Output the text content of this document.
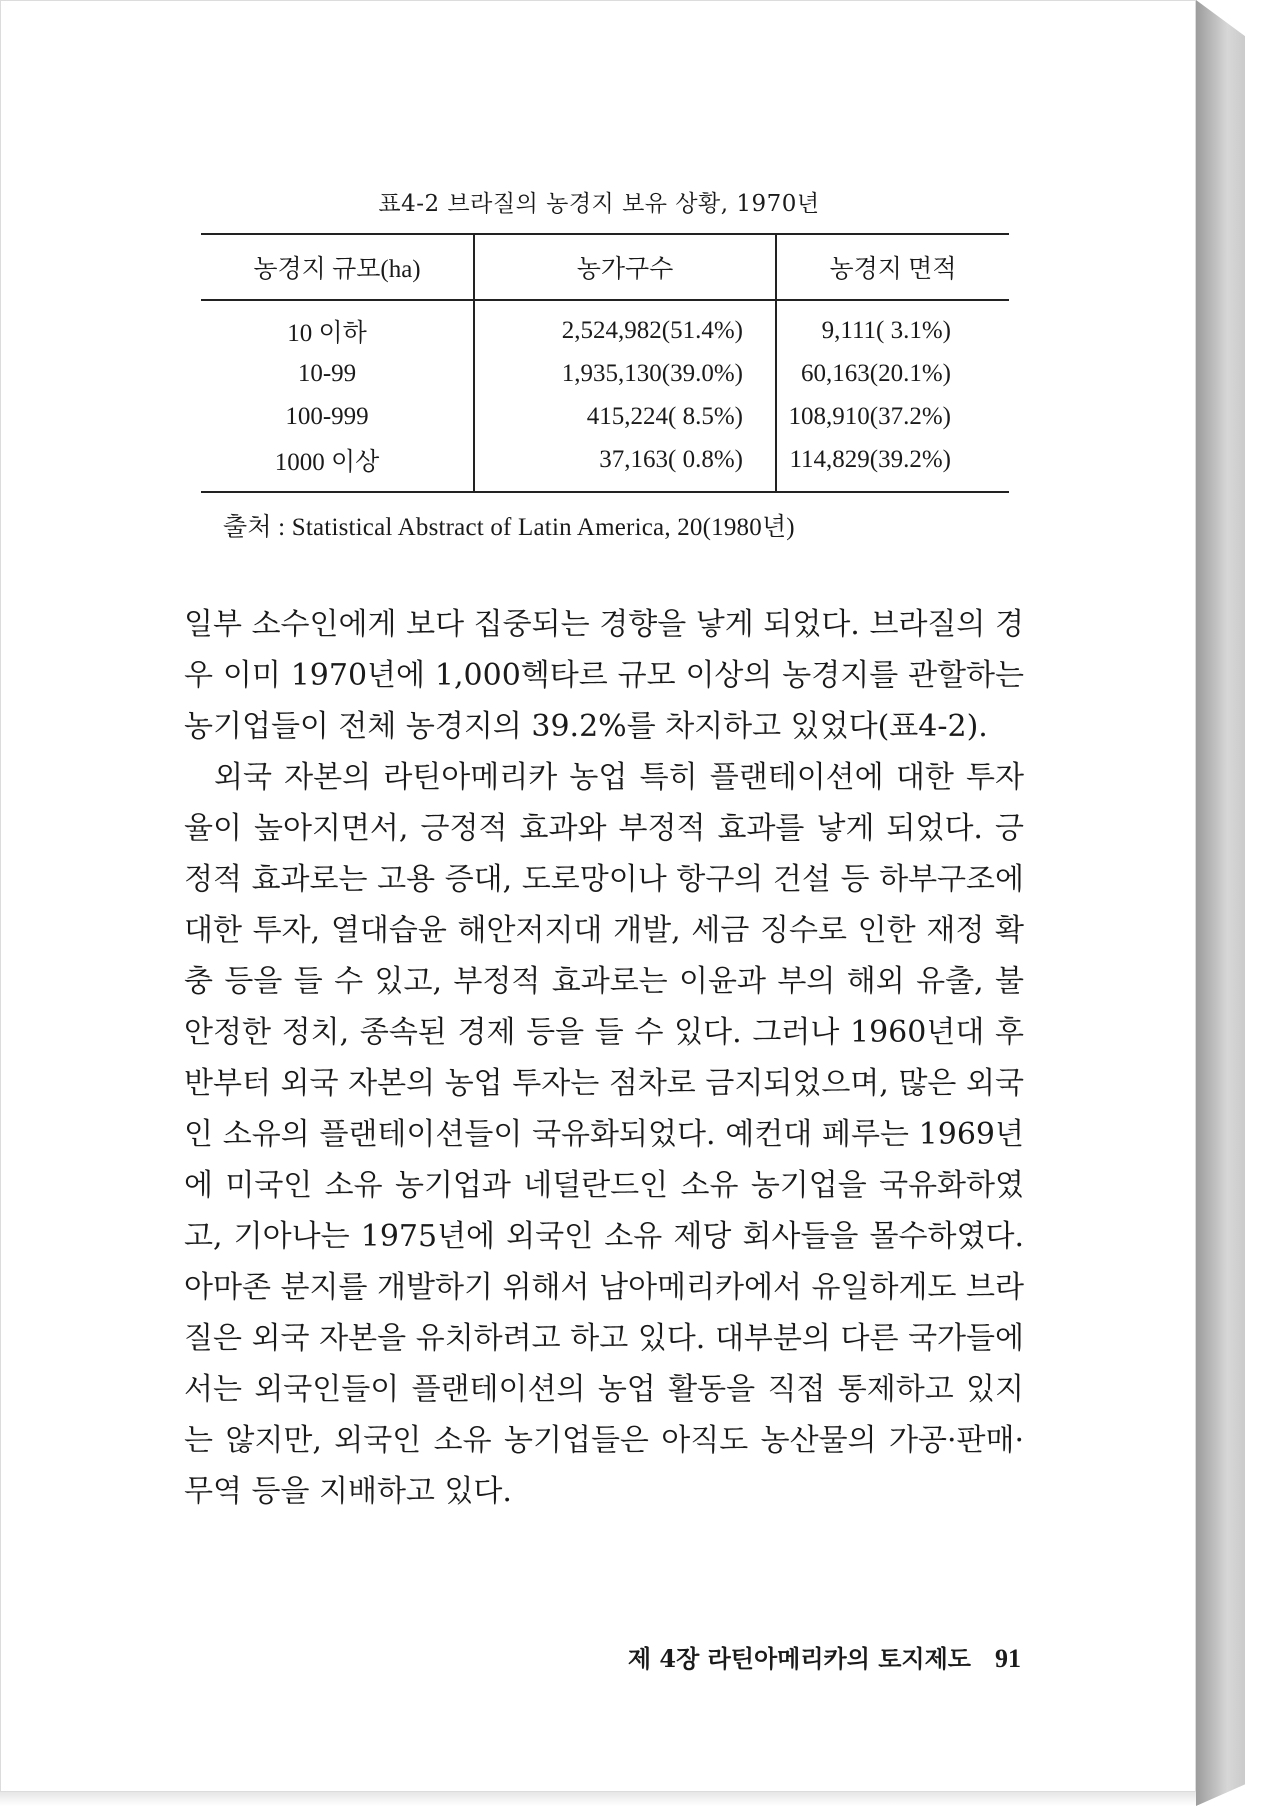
표4-2 브라질의 농경지 보유 상황, 1970년
농경지 규모(ha)	농가구수	농경지 면적
10 이하	2,524,982(51.4%)	9,111( 3.1%)
10-99	1,935,130(39.0%)	60,163(20.1%)
100-999	415,224( 8.5%)	108,910(37.2%)
1000 이상	37,163( 0.8%)	114,829(39.2%)
출처 : Statistical Abstract of Latin America, 20(1980년)

일부 소수인에게 보다 집중되는 경향을 낳게 되었다. 브라질의 경우 이미 1970년에 1,000헥타르 규모 이상의 농경지를 관할하는 농기업들이 전체 농경지의 39.2%를 차지하고 있었다(표4-2).

외국 자본의 라틴아메리카 농업 특히 플랜테이션에 대한 투자율이 높아지면서, 긍정적 효과와 부정적 효과를 낳게 되었다. 긍정적 효과로는 고용 증대, 도로망이나 항구의 건설 등 하부구조에 대한 투자, 열대습윤 해안저지대 개발, 세금 징수로 인한 재정 확충 등을 들 수 있고, 부정적 효과로는 이윤과 부의 해외 유출, 불안정한 정치, 종속된 경제 등을 들 수 있다. 그러나 1960년대 후반부터 외국 자본의 농업 투자는 점차로 금지되었으며, 많은 외국인 소유의 플랜테이션들이 국유화되었다. 예컨대 페루는 1969년에 미국인 소유 농기업과 네덜란드인 소유 농기업을 국유화하였고, 기아나는 1975년에 외국인 소유 제당 회사들을 몰수하였다. 아마존 분지를 개발하기 위해서 남아메리카에서 유일하게도 브라질은 외국 자본을 유치하려고 하고 있다. 대부분의 다른 국가들에서는 외국인들이 플랜테이션의 농업 활동을 직접 통제하고 있지는 않지만, 외국인 소유 농기업들은 아직도 농산물의 가공·판매·무역 등을 지배하고 있다.

제 4장 라틴아메리카의 토지제도 91
